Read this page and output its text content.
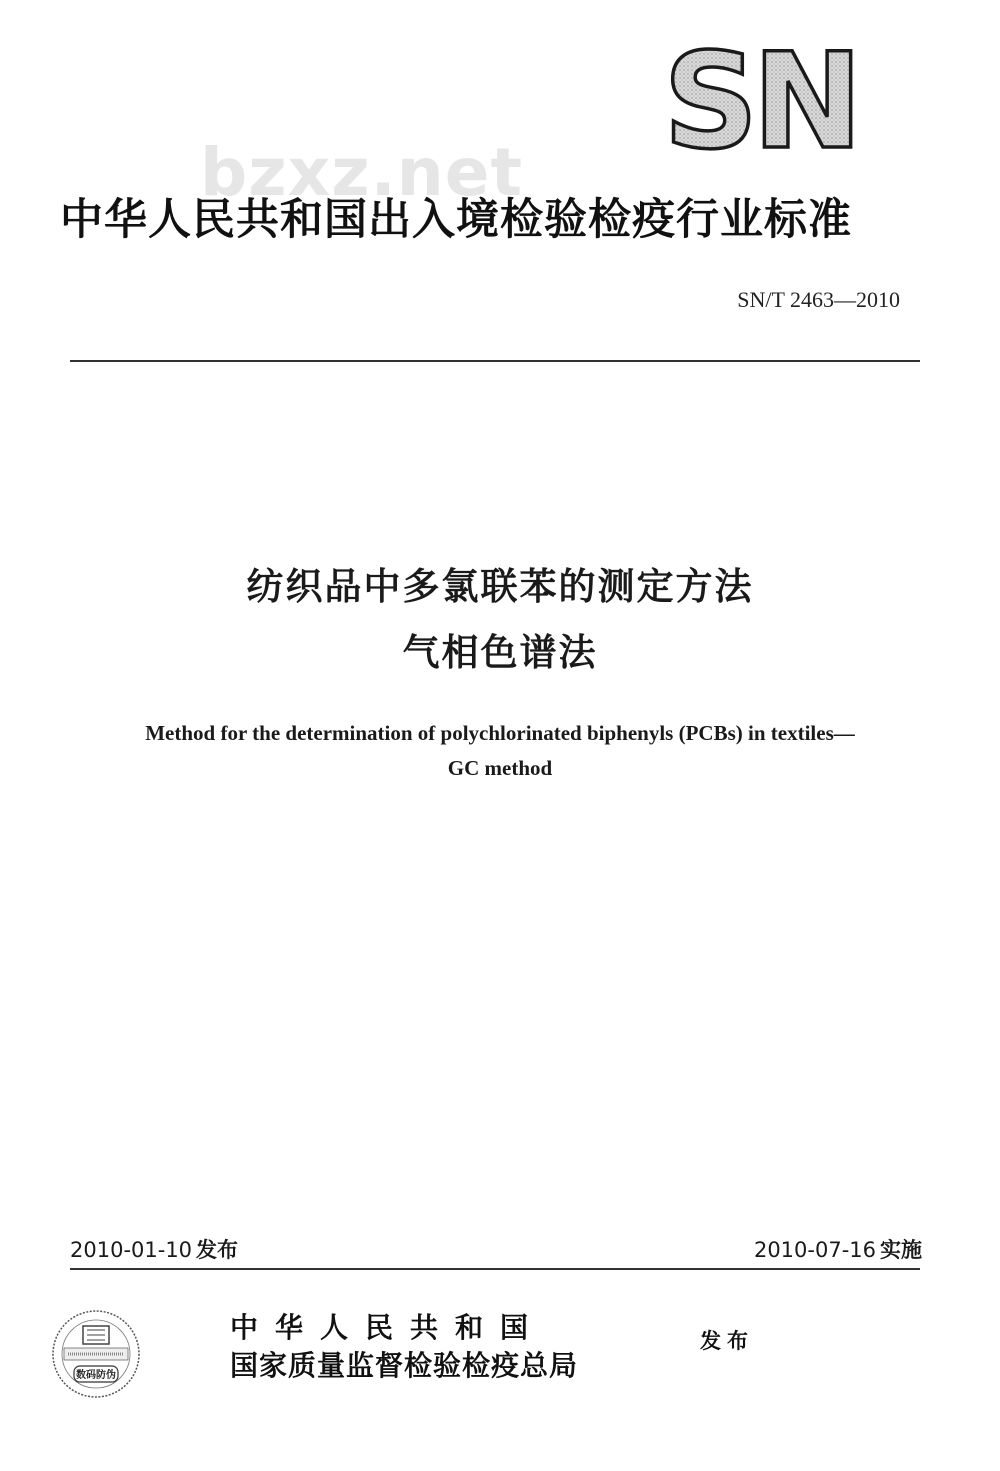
SN
bzxz.net
中华人民共和国出入境检验检疫行业标准
SN/T 2463—2010
纺织品中多氯联苯的测定方法
气相色谱法
Method for the determination of polychlorinated biphenyls (PCBs) in textiles—
GC method
2010-01-10 发布	2010-07-16 实施
数码防伪
中华人民共和国
国家质量监督检验检疫总局
发布
